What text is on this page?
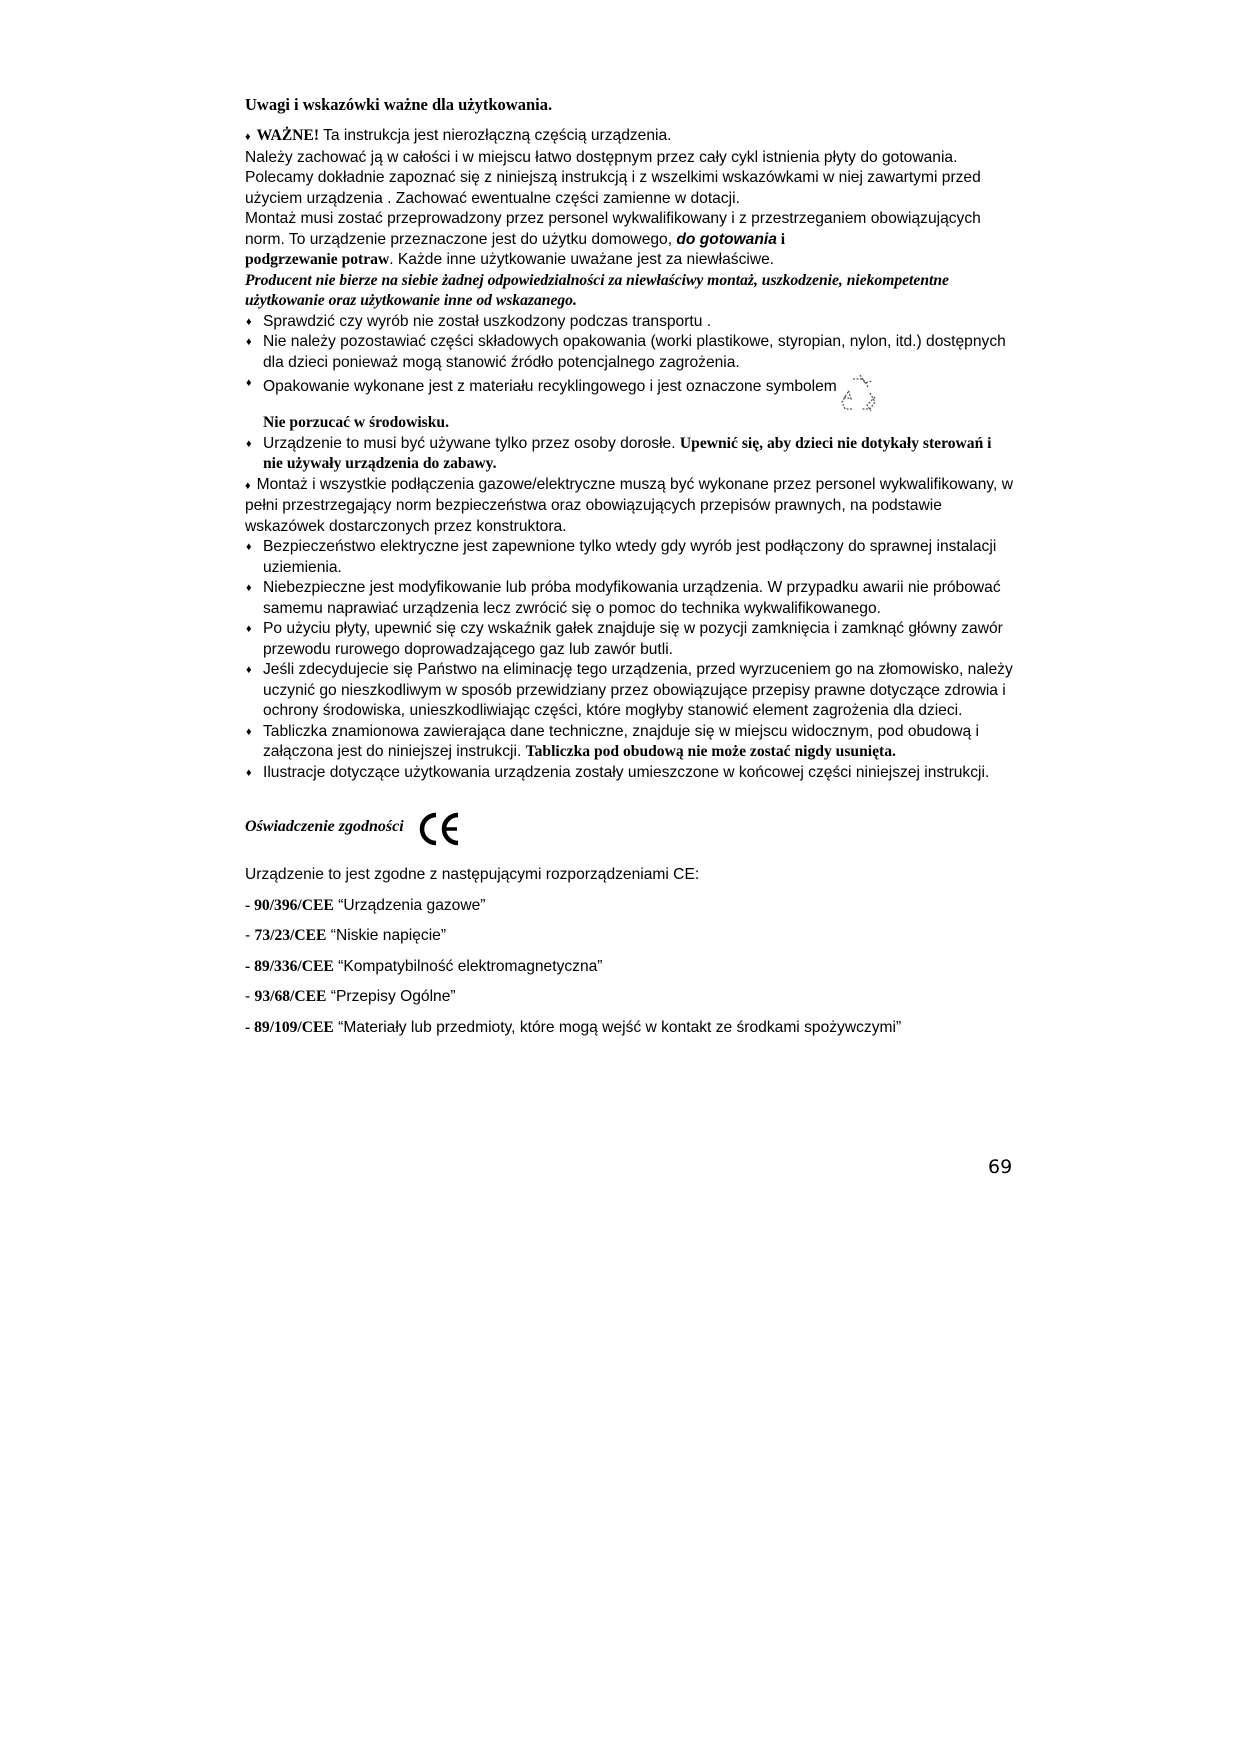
Uwagi i wskazówki ważne dla użytkowania.

♦ WAŻNE! Ta instrukcja jest nierozłączną częścią urządzenia.

Należy zachować ją w całości i w miejscu łatwo dostępnym przez cały cykl istnienia płyty do gotowania.

Polecamy dokładnie zapoznać się z niniejszą instrukcją i z wszelkimi wskazówkami w niej zawartymi przed użyciem urządzenia . Zachować ewentualne części zamienne w dotacji.

Montaż musi zostać przeprowadzony przez personel wykwalifikowany i z przestrzeganiem obowiązujących norm. To urządzenie przeznaczone jest do użytku domowego, do gotowania i
podgrzewanie potraw. Każde inne użytkowanie uważane jest za niewłaściwe.

Producent nie bierze na siebie żadnej odpowiedzialności za niewłaściwy montaż, uszkodzenie, niekompetentne użytkowanie oraz użytkowanie inne od wskazanego.

♦ Sprawdzić czy wyrób nie został uszkodzony podczas transportu .
♦ Nie należy pozostawiać części składowych opakowania (worki plastikowe, styropian, nylon, itd.) dostępnych dla dzieci ponieważ mogą stanowić źródło potencjalnego zagrożenia.
♦ Opakowanie wykonane jest z materiału recyklingowego i jest oznaczone symbolem
Nie porzucać w środowisku.
♦ Urządzenie to musi być używane tylko przez osoby dorosłe. Upewnić się, aby dzieci nie dotykały sterowań i nie używały urządzenia do zabawy.

♦ Montaż i wszystkie podłączenia gazowe/elektryczne muszą być wykonane przez personel wykwalifikowany, w pełni przestrzegający norm bezpieczeństwa oraz obowiązujących przepisów prawnych, na podstawie wskazówek dostarczonych przez konstruktora.

♦ Bezpieczeństwo elektryczne jest zapewnione tylko wtedy gdy wyrób jest podłączony do sprawnej instalacji uziemienia.
♦ Niebezpieczne jest modyfikowanie lub próba modyfikowania urządzenia. W przypadku awarii nie próbować samemu naprawiać urządzenia lecz zwrócić się o pomoc do technika wykwalifikowanego.
♦ Po użyciu płyty, upewnić się czy wskaźnik gałek znajduje się w pozycji zamknięcia i zamknąć główny zawór przewodu rurowego doprowadzającego gaz lub zawór butli.
♦ Jeśli zdecydujecie się Państwo na eliminację tego urządzenia, przed wyrzuceniem go na złomowisko, należy uczynić go nieszkodliwym w sposób przewidziany przez obowiązujące przepisy prawne dotyczące zdrowia i ochrony środowiska, unieszkodliwiając części, które mogłyby stanowić element zagrożenia dla dzieci.
♦ Tabliczka znamionowa zawierająca dane techniczne, znajduje się w miejscu widocznym, pod obudową i załączona jest do niniejszej instrukcji. Tabliczka pod obudową nie może zostać nigdy usunięta.
♦ Ilustracje dotyczące użytkowania urządzenia zostały umieszczone w końcowej części niniejszej instrukcji.
Oświadczenie zgodności

Urządzenie to jest zgodne z następującymi rozporządzeniami CE:

- 90/396/CEE “Urządzenia gazowe”

- 73/23/CEE “Niskie napięcie”

- 89/336/CEE “Kompatybilność elektromagnetyczna”

- 93/68/CEE “Przepisy Ogólne”

- 89/109/CEE “Materiały lub przedmioty, które mogą wejść w kontakt ze środkami spożywczymi”

69
